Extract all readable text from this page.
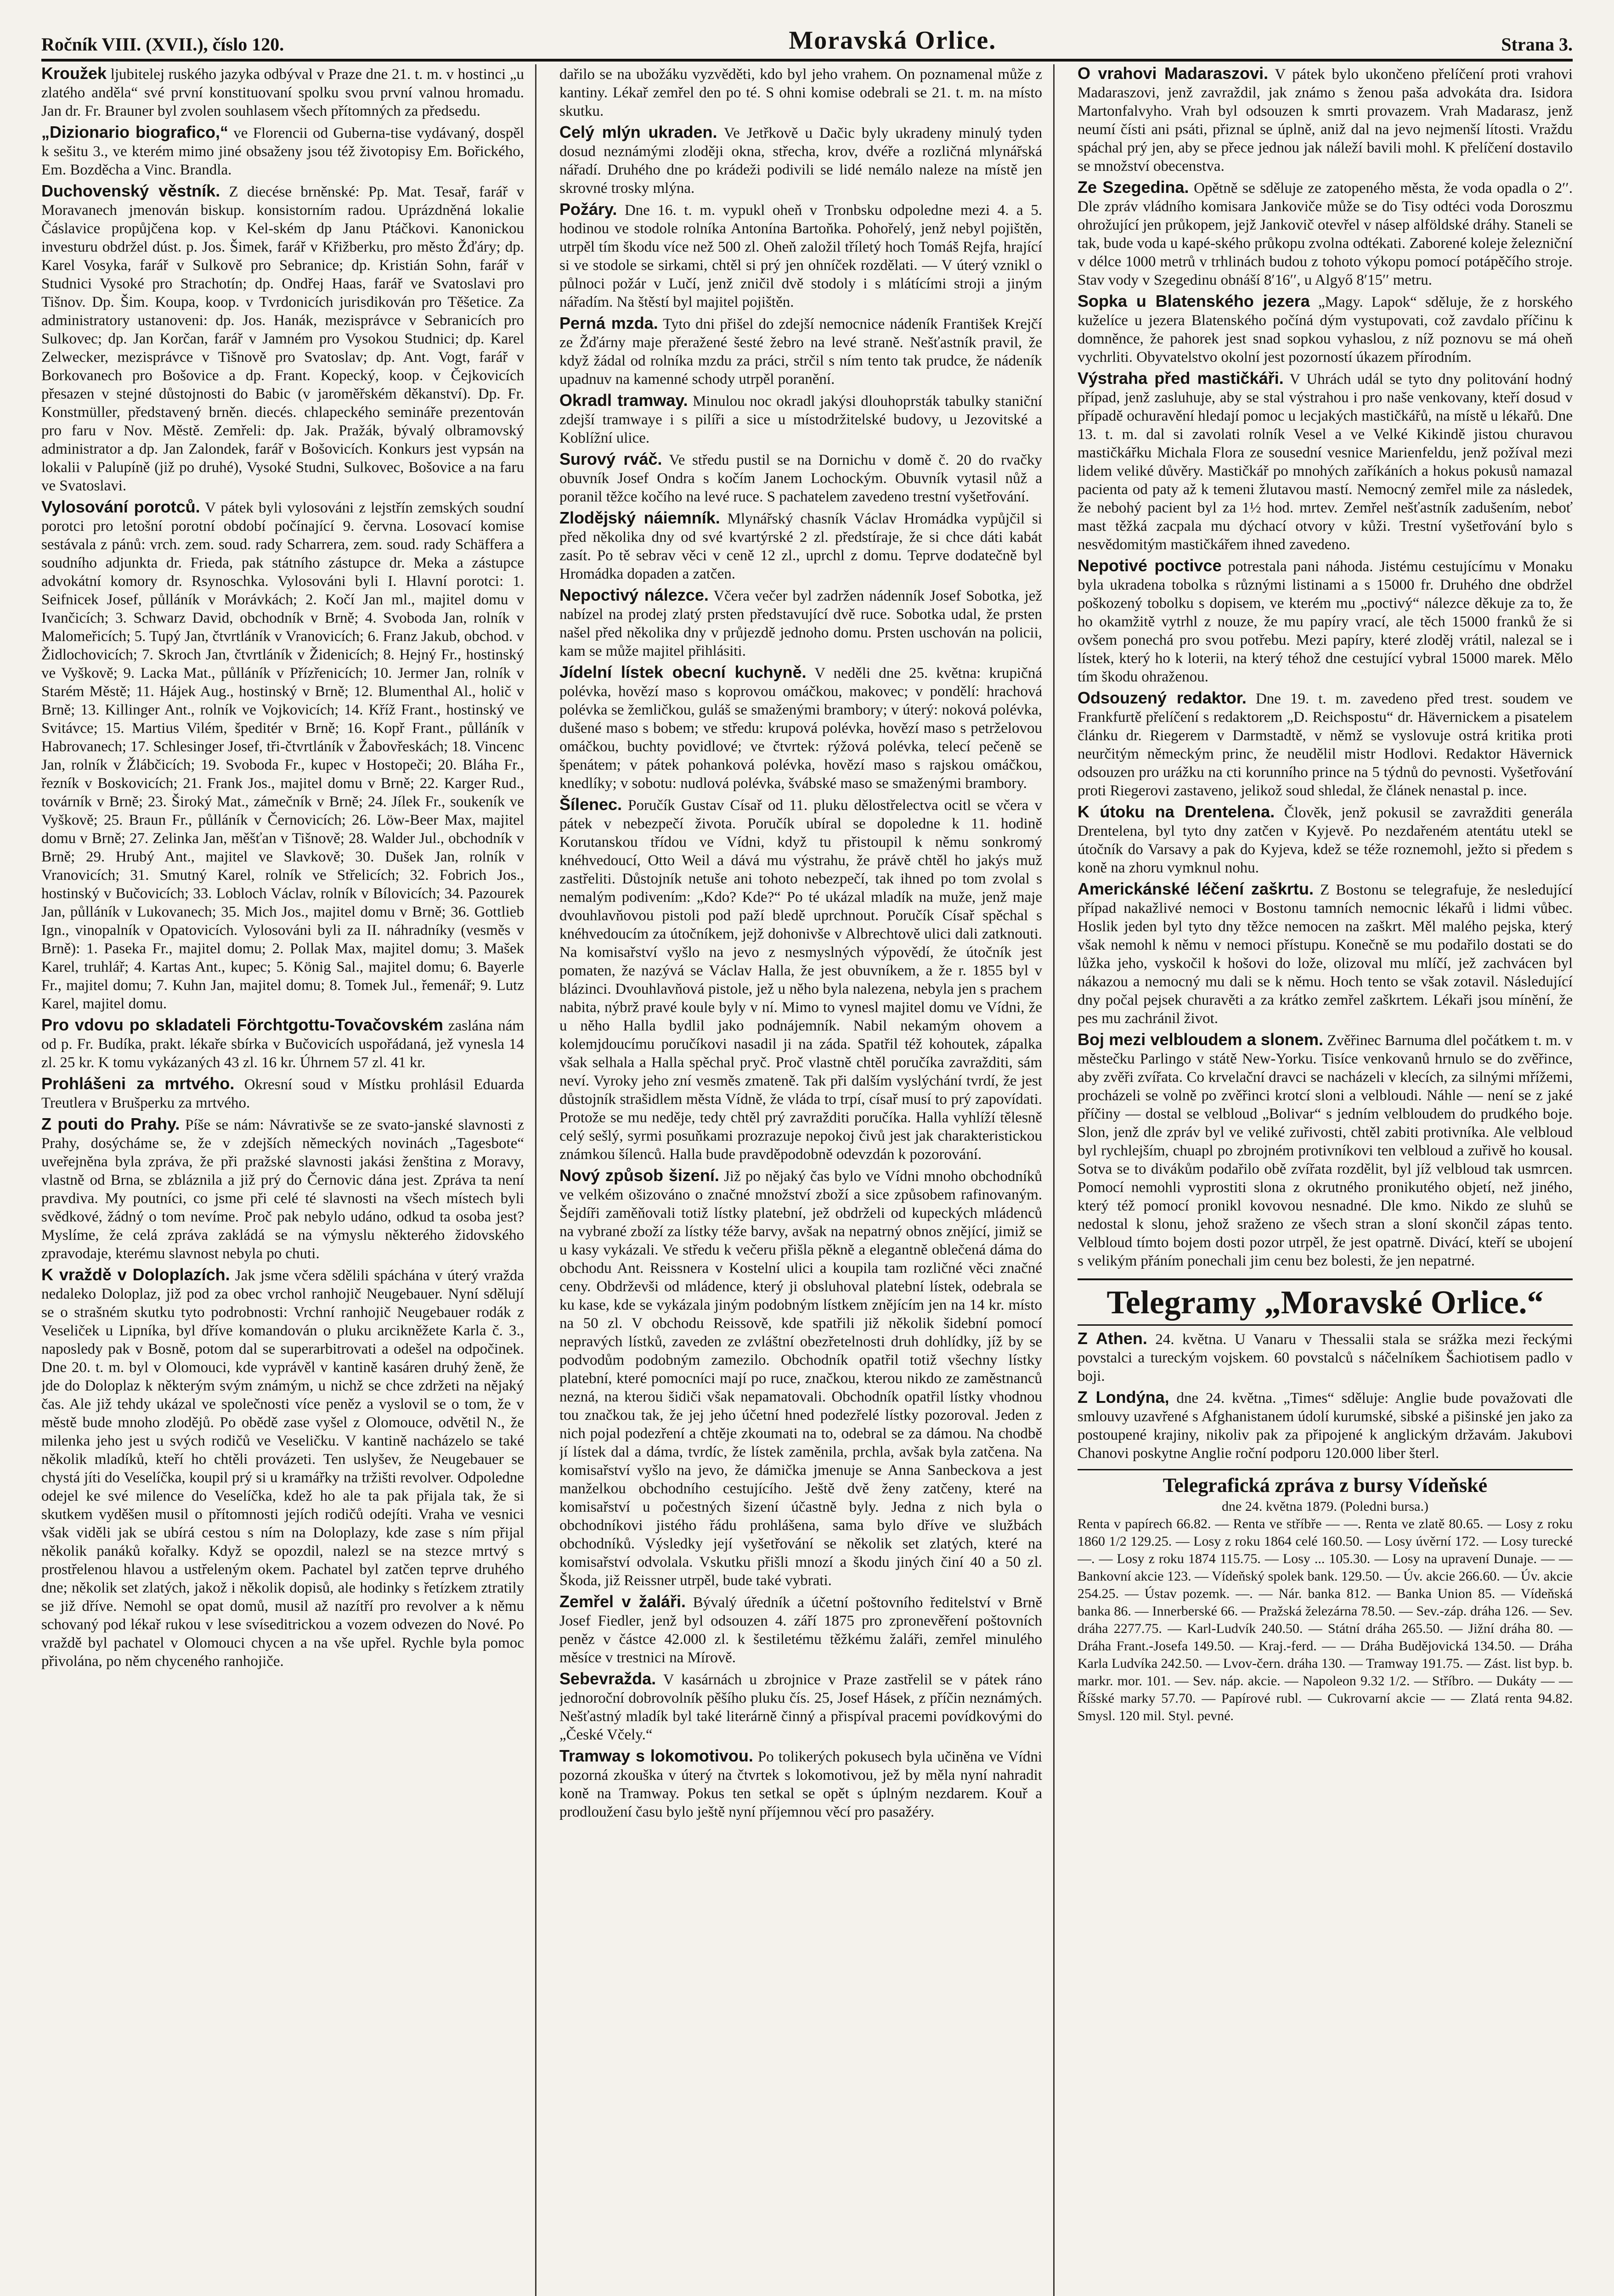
Ročník VIII. (XVII.), číslo 120.	Moravská Orlice.	Strana 3.

Kroužek ljubitelej ruského jazyka odbýval v Praze dne 21. t. m. v hostinci „u zlatého anděla“ své první konstituovaní spolku svou první valnou hromadu. Jan dr. Fr. Brauner byl zvolen souhlasem všech přítomných za předsedu.

„Dizionario biografico,“ ve Florencii od Guberna-tise vydávaný, dospěl k sešitu 3., ve kterém mimo jiné obsaženy jsou též životopisy Em. Bořického, Em. Bozděcha a Vinc. Brandla.

Duchovenský věstník. Z diecése brněnské: Pp. Mat. Tesař, farář v Moravanech jmenován biskup. konsistorním radou. Uprázdněná lokalie Čáslavice propůjčena kop. v Kel-ském dp Janu Ptáčkovi. Kanonickou investuru obdržel dúst. p. Jos. Šimek, farář v Křižberku, pro město Žďáry; dp. Karel Vosyka, farář v Sulkově pro Sebranice; dp. Kristián Sohn, farář v Studnici Vysoké pro Strachotín; dp. Ondřej Haas, farář ve Svatoslavi pro Tišnov. Dp. Šim. Koupa, koop. v Tvrdonicích jurisdikován pro Těšetice. Za administratory ustanoveni: dp. Jos. Hanák, mezisprávce v Sebranicích pro Sulkovec; dp. Jan Korčan, farář v Jamném pro Vysokou Studnici; dp. Karel Zelwecker, mezisprávce v Tišnově pro Svatoslav; dp. Ant. Vogt, farář v Borkovanech pro Bošovice a dp. Frant. Kopecký, koop. v Čejkovicích přesazen v stejné důstojnosti do Babic (v jaroměřském děkanství). Dp. Fr. Konstmüller, představený brněn. diecés. chlapeckého semináře prezentován pro faru v Nov. Městě. Zemřeli: dp. Jak. Pražák, bývalý olbramovský administrator a dp. Jan Zalondek, farář v Bošovicích. Konkurs jest vypsán na lokalii v Palupíně (již po druhé), Vysoké Studni, Sulkovec, Bošovice a na faru ve Svatoslavi.

Vylosování porotců. V pátek byli vylosováni z lejstřín zemských soudní porotci pro letošní porotní období počínající 9. června. Losovací komise sestávala z pánů: vrch. zem. soud. rady Scharrera, zem. soud. rady Schäffera a soudního adjunkta dr. Frieda, pak státního zástupce dr. Meka a zástupce advokátní komory dr. Rsynoschka. Vylosováni byli I. Hlavní porotci: 1. Seifnicek Josef, půlláník v Morávkách; 2. Kočí Jan ml., majitel domu v Ivančicích; 3. Schwarz David, obchodník v Brně; 4. Svoboda Jan, rolník v Malomeřicích; 5. Tupý Jan, čtvrtláník v Vranovicích; 6. Franz Jakub, obchod. v Židlochovicích; 7. Skroch Jan, čtvrtláník v Židenicích; 8. Hejný Fr., hostinský ve Vyškově; 9. Lacka Mat., půlláník v Přízřenicích; 10. Jermer Jan, rolník v Starém Městě; 11. Hájek Aug., hostinský v Brně; 12. Blumenthal Al., holič v Brně; 13. Killinger Ant., rolník ve Vojkovicích; 14. Kříž Frant., hostinský ve Svitávce; 15. Martius Vilém, špeditér v Brně; 16. Kopř Frant., půlláník v Habrovanech; 17. Schlesinger Josef, tři-čtvrtláník v Žabovřeskách; 18. Vincenc Jan, rolník v Žlábčicích; 19. Svoboda Fr., kupec v Hostopeči; 20. Bláha Fr., řezník v Boskovicích; 21. Frank Jos., majitel domu v Brně; 22. Karger Rud., továrník v Brně; 23. Široký Mat., zámečník v Brně; 24. Jílek Fr., soukeník ve Vyškově; 25. Braun Fr., půlláník v Černovicích; 26. Löw-Beer Max, majitel domu v Brně; 27. Zelinka Jan, měšťan v Tišnově; 28. Walder Jul., obchodník v Brně; 29. Hrubý Ant., majitel ve Slavkově; 30. Dušek Jan, rolník v Vranovicích; 31. Smutný Karel, rolník ve Střelicích; 32. Fobrich Jos., hostinský v Bučovicích; 33. Lobloch Václav, rolník v Bílovicích; 34. Pazourek Jan, půlláník v Lukovanech; 35. Mich Jos., majitel domu v Brně; 36. Gottlieb Ign., vinopalník v Opatovicích. Vylosováni byli za II. náhradníky (vesměs v Brně): 1. Paseka Fr., majitel domu; 2. Pollak Max, majitel domu; 3. Mašek Karel, truhlář; 4. Kartas Ant., kupec; 5. König Sal., majitel domu; 6. Bayerle Fr., majitel domu; 7. Kuhn Jan, majitel domu; 8. Tomek Jul., řemenář; 9. Lutz Karel, majitel domu.

Pro vdovu po skladateli Förchtgottu-Tovačovském zaslána nám od p. Fr. Budíka, prakt. lékaře sbírka v Bučovicích uspořádaná, jež vynesla 14 zl. 25 kr. K tomu vykázaných 43 zl. 16 kr. Úhrnem 57 zl. 41 kr.

Prohlášeni za mrtvého. Okresní soud v Místku prohlásil Eduarda Treutlera v Brušperku za mrtvého.

Z pouti do Prahy. Píše se nám: Návrativše se ze svato-janské slavnosti z Prahy, dosýcháme se, že v zdejších německých novinách „Tagesbote“ uveřejněna byla zpráva, že při pražské slavnosti jakási ženština z Moravy, vlastně od Brna, se zbláznila a již prý do Černovic dána jest. Zpráva ta není pravdiva. My poutníci, co jsme při celé té slavnosti na všech místech byli svědkové, žádný o tom nevíme. Proč pak nebylo udáno, odkud ta osoba jest? Myslíme, že celá zpráva zakládá se na výmyslu některého židovského zpravodaje, kterému slavnost nebyla po chuti.

K vraždě v Doloplazích. Jak jsme včera sdělili spáchána v úterý vražda nedaleko Doloplaz, již pod za obec vrchol ranhojič Neugebauer. Nyní sdělují se o strašném skutku tyto podrobnosti: Vrchní ranhojič Neugebauer rodák z Veseliček u Lipníka, byl dříve komandován o pluku arcikněžete Karla č. 3., naposledy pak v Bosně, potom dal se superarbitrovati a odešel na odpočinek. Dne 20. t. m. byl v Olomouci, kde vyprávěl v kantině kasáren druhý ženě, že jde do Doloplaz k některým svým známým, u nichž se chce zdržeti na nějaký čas. Ale již tehdy ukázal ve společnosti více peněz a vyslovil se o tom, že v městě bude mnoho zlodějů. Po obědě zase vyšel z Olomouce, odvětil N., že milenka jeho jest u svých rodičů ve Veseličku. V kantině nacházelo se také několik mladíků, kteří ho chtěli provázeti. Ten uslyšev, že Neugebauer se chystá jíti do Veselíčka, koupil prý si u kramářky na tržišti revolver. Odpoledne odejel ke své milence do Veselíčka, kdež ho ale ta pak přijala tak, že si skutkem vyděšen musil o přítomnosti jejích rodičů odejíti. Vraha ve vesnici však viděli jak se ubírá cestou s ním na Doloplazy, kde zase s ním přijal několik panáků kořalky. Když se opozdil, nalezl se na stezce mrtvý s prostřelenou hlavou a ustřeleným okem. Pachatel byl zatčen teprve druhého dne; několik set zlatých, jakož i několik dopisů, ale hodinky s řetízkem ztratily se již dříve. Nemohl se opat domů, musil až nazítří pro revolver a k němu schovaný pod lékař rukou v lese svíseditrickou a vozem odvezen do Nové. Po vraždě byl pachatel v Olomouci chycen a na vše upřel. Rychle byla pomoc přivolána, po něm chyceného ranhojiče.

dařilo se na ubožáku vyzvěděti, kdo byl jeho vrahem. On poznamenal může z kantiny. Lékař zemřel den po té. S ohni komise odebrali se 21. t. m. na místo skutku.

Celý mlýn ukraden. Ve Jetřkově u Dačic byly ukradeny minulý tyden dosud neznámými zloději okna, střecha, krov, dvéře a rozličná mlynářská nářadí. Druhého dne po krádeži podivili se lidé nemálo naleze na místě jen skrovné trosky mlýna.

Požáry. Dne 16. t. m. vypukl oheň v Tronbsku odpoledne mezi 4. a 5. hodinou ve stodole rolníka Antonína Bartoňka. Pohořelý, jenž nebyl pojištěn, utrpěl tím škodu více než 500 zl. Oheň založil tříletý hoch Tomáš Rejfa, hrající si ve stodole se sirkami, chtěl si prý jen ohníček rozdělati. — V úterý vznikl o půlnoci požár v Lučí, jenž zničil dvě stodoly i s mlátícími stroji a jiným nářadím. Na štěstí byl majitel pojištěn.

Perná mzda. Tyto dni přišel do zdejší nemocnice nádeník František Krejčí ze Žďárny maje přeražené šesté žebro na levé straně. Nešťastník pravil, že když žádal od rolníka mzdu za práci, strčil s ním tento tak prudce, že nádeník upadnuv na kamenné schody utrpěl poranění.

Okradl tramway. Minulou noc okradl jakýsi dlouhoprsták tabulky staniční zdejší tramwaye i s pilíři a sice u místodržitelské budovy, u Jezovitské a Koblížní ulice.

Surový rváč. Ve středu pustil se na Dornichu v domě č. 20 do rvačky obuvník Josef Ondra s kočím Janem Lochockým. Obuvník vytasil nůž a poranil těžce kočího na levé ruce. S pachatelem zavedeno trestní vyšetřování.

Zlodějský náiemník. Mlynářský chasník Václav Hromádka vypůjčil si před několika dny od své kvartýrské 2 zl. předstíraje, že si chce dáti kabát zasít. Po tě sebrav věci v ceně 12 zl., uprchl z domu. Teprve dodatečně byl Hromádka dopaden a zatčen.

Nepoctivý nálezce. Včera večer byl zadržen nádenník Josef Sobotka, jež nabízel na prodej zlatý prsten představující dvě ruce. Sobotka udal, že prsten našel před několika dny v průjezdě jednoho domu. Prsten uschován na policii, kam se může majitel přihlásiti.

Jídelní lístek obecní kuchyně. V neděli dne 25. května: krupičná polévka, hovězí maso s koprovou omáčkou, makovec; v pondělí: hrachová polévka se žemličkou, guláš se smaženými brambory; v úterý: noková polévka, dušené maso s bobem; ve středu: krupová polévka, hovězí maso s petrželovou omáčkou, buchty povidlové; ve čtvrtek: rýžová polévka, telecí pečeně se špenátem; v pátek pohanková polévka, hovězí maso s rajskou omáčkou, knedlíky; v sobotu: nudlová polévka, švábské maso se smaženými brambory.

Šílenec. Poručík Gustav Císař od 11. pluku dělostřelectva ocitl se včera v pátek v nebezpečí života. Poručík ubíral se dopoledne k 11. hodině Korutanskou třídou ve Vídni, když tu přistoupil k němu sonkromý knéhvedoucí, Otto Weil a dává mu výstrahu, že právě chtěl ho jakýs muž zastřeliti. Důstojník netuše ani tohoto nebezpečí, tak ihned po tom zvolal s nemalým podivením: „Kdo? Kde?“ Po té ukázal mladík na muže, jenž maje dvouhlavňovou pistoli pod paží bledě uprchnout. Poručík Císař spěchal s knéhvedoucím za útočníkem, jejž dohonivše v Albrechtově ulici dali zatknouti. Na komisařství vyšlo na jevo z nesmyslných výpovědí, že útočník jest pomaten, že nazývá se Václav Halla, že jest obuvníkem, a že r. 1855 byl v blázinci. Dvouhlavňová pistole, jež u něho byla nalezena, nebyla jen s prachem nabita, nýbrž pravé koule byly v ní. Mimo to vynesl majitel domu ve Vídni, že u něho Halla bydlil jako podnájemník. Nabil nekamým ohovem a kolemjdoucímu poručíkovi nasadil ji na záda. Spatřil též kohoutek, zápalka však selhala a Halla spěchal pryč. Proč vlastně chtěl poručíka zavražditi, sám neví. Vyroky jeho zní vesměs zmateně. Tak při dalším vyslýchání tvrdí, že jest důstojník strašidlem města Vídně, že vláda to trpí, císař musí to prý zapovídati. Protože se mu neděje, tedy chtěl prý zavražditi poručíka. Halla vyhlíží tělesně celý sešlý, syrmi posuňkami prozrazuje nepokoj čivů jest jak charakteristickou známkou šílenců. Halla bude pravděpodobně odevzdán k pozorování.

Nový způsob šizení. Již po nějaký čas bylo ve Vídni mnoho obchodníků ve velkém ošizováno o značné množství zboží a sice způsobem rafinovaným. Šejdíři zaměňovali totiž lístky platební, jež obdrželi od kupeckých mládenců na vybrané zboží za lístky téže barvy, avšak na nepatrný obnos znějící, jimiž se u kasy vykázali. Ve středu k večeru přišla pěkně a elegantně oblečená dáma do obchodu Ant. Reissnera v Kostelní ulici a koupila tam rozličné věci značné ceny. Obdrževši od mládence, který ji obsluhoval platební lístek, odebrala se ku kase, kde se vykázala jiným podobným lístkem znějícím jen na 14 kr. místo na 50 zl. V obchodu Reissově, kde spatřili již několik šidební pomocí nepravých lístků, zaveden ze zvláštní obezřetelnosti druh dohlídky, jíž by se podvodům podobným zamezilo. Obchodník opatřil totiž všechny lístky platební, které pomocníci mají po ruce, značkou, kterou nikdo ze zaměstnanců nezná, na kterou šidiči však nepamatovali. Obchodník opatřil lístky vhodnou tou značkou tak, že jej jeho účetní hned podezřelé lístky pozoroval. Jeden z nich pojal podezření a chtěje zkoumati na to, odebral se za dámou. Na chodbě jí lístek dal a dáma, tvrdíc, že lístek zaměnila, prchla, avšak byla zatčena. Na komisařství vyšlo na jevo, že dámička jmenuje se Anna Sanbeckova a jest manželkou obchodního cestujícího. Ještě dvě ženy zatčeny, které na komisařství u počestných šizení účastně byly. Jedna z nich byla o obchodníkovi jistého řádu prohlášena, sama bylo dříve ve službách obchodníků. Výsledky její vyšetřování se několik set zlatých, které na komisařství odvolala. Vskutku přišli mnozí a škodu jiných činí 40 a 50 zl. Škoda, již Reissner utrpěl, bude také vybrati.

Zemřel v žaláři. Bývalý úředník a účetní poštovního ředitelství v Brně Josef Fiedler, jenž byl odsouzen 4. září 1875 pro zpronevěření poštovních peněz v částce 42.000 zl. k šestiletému těžkému žaláři, zemřel minulého měsíce v trestnici na Mírově.

Sebevražda. V kasárnách u zbrojnice v Praze zastřelil se v pátek ráno jednoroční dobrovolník pěšího pluku čís. 25, Josef Hásek, z příčin neznámých. Nešťastný mladík byl také literárně činný a přispíval pracemi povídkovými do „České Včely.“

Tramway s lokomotivou. Po tolikerých pokusech byla učiněna ve Vídni pozorná zkouška v úterý na čtvrtek s lokomotivou, jež by měla nyní nahradit koně na Tramway. Pokus ten setkal se opět s úplným nezdarem. Kouř a prodloužení času bylo ještě nyní příjemnou věcí pro pasažéry.

O vrahovi Madaraszovi. V pátek bylo ukončeno přelíčení proti vrahovi Madaraszovi, jenž zavraždil, jak známo s ženou paša advokáta dra. Isidora Martonfalvyho. Vrah byl odsouzen k smrti provazem. Vrah Madarasz, jenž neumí čísti ani psáti, přiznal se úplně, aniž dal na jevo nejmenší lítosti. Vraždu spáchal prý jen, aby se přece jednou jak náleží bavili mohl. K přelíčení dostavilo se množství obecenstva.

Ze Szegedina. Opětně se sděluje ze zatopeného města, že voda opadla o 2′′. Dle zpráv vládního komisara Jankoviče může se do Tisy odtéci voda Doroszmu ohrožující jen průkopem, jejž Jankovič otevřel v násep alföldské dráhy. Staneli se tak, bude voda u kapé-ského průkopu zvolna odtékati. Zaborené koleje železniční v délce 1000 metrů v trhlinách budou z tohoto výkopu pomocí potápěčího stroje. Stav vody v Szegedinu obnáší 8′16′′, u Algyő 8′15′′ metru.

Sopka u Blatenského jezera „Magy. Lapok“ sděluje, že z horského kuželíce u jezera Blatenského počíná dým vystupovati, což zavdalo příčinu k domněnce, že pahorek jest snad sopkou vyhaslou, z níž poznovu se má oheň vychrliti. Obyvatelstvo okolní jest pozorností úkazem přírodním.

Výstraha před mastičkáři. V Uhrách udál se tyto dny politování hodný případ, jenž zasluhuje, aby se stal výstrahou i pro naše venkovany, kteří dosud v případě ochuravění hledají pomoc u lecjakých mastičkářů, na místě u lékařů. Dne 13. t. m. dal si zavolati rolník Vesel a ve Velké Kikindě jistou churavou mastičkářku Michala Flora ze sousední vesnice Marienfeldu, jenž požíval mezi lidem veliké důvěry. Mastičkář po mnohých zaříkáních a hokus pokusů namazal pacienta od paty až k temeni žlutavou mastí. Nemocný zemřel mile za následek, že nebohý pacient byl za 1½ hod. mrtev. Zemřel nešťastník zadušením, neboť mast těžká zacpala mu dýchací otvory v kůži. Trestní vyšetřování bylo s nesvědomitým mastičkářem ihned zavedeno.

Nepotivé poctivce potrestala pani náhoda. Jistému cestujícímu v Monaku byla ukradena tobolka s různými listinami a s 15000 fr. Druhého dne obdržel poškozený tobolku s dopisem, ve kterém mu „poctivý“ nálezce děkuje za to, že ho okamžitě vytrhl z nouze, že mu papíry vrací, ale těch 15000 franků že si ovšem ponechá pro svou potřebu. Mezi papíry, které zloděj vrátil, nalezal se i lístek, který ho k loterii, na který téhož dne cestující vybral 15000 marek. Mělo tím škodu ohraženou.

Odsouzený redaktor. Dne 19. t. m. zavedeno před trest. soudem ve Frankfurtě přelíčení s redaktorem „D. Reichspostu“ dr. Hävernickem a pisatelem článku dr. Riegerem v Darmstadtě, v němž se vyslovuje ostrá kritika proti neurčitým německým princ, že neudělil mistr Hodlovi. Redaktor Hävernick odsouzen pro urážku na cti korunního prince na 5 týdnů do pevnosti. Vyšetřování proti Riegerovi zastaveno, jelikož soud shledal, že článek nenastal p. ince.

K útoku na Drentelena. Člověk, jenž pokusil se zavražditi generála Drentelena, byl tyto dny zatčen v Kyjevě. Po nezdařeném atentátu utekl se útočník do Varsavy a pak do Kyjeva, kdež se téže roznemohl, ježto si předem s koně na zhoru vymknul nohu.

Americkánské léčení zaškrtu. Z Bostonu se telegrafuje, že nesledující případ nakažlivé nemoci v Bostonu tamních nemocnic lékařů i lidmi vůbec. Hoslik jeden byl tyto dny těžce nemocen na zaškrt. Měl malého pejska, který však nemohl k němu v nemoci přístupu. Konečně se mu podařilo dostati se do lůžka jeho, vyskočil k hošovi do lože, olizoval mu mlíčí, jež zachvácen byl nákazou a nemocný mu dali se k němu. Hoch tento se však zotavil. Následující dny počal pejsek churavěti a za krátko zemřel zaškrtem. Lékaři jsou mínění, že pes mu zachránil život.

Boj mezi velbloudem a slonem. Zvěřinec Barnuma dlel počátkem t. m. v městečku Parlingo v státě New-Yorku. Tisíce venkovanů hrnulo se do zvěřince, aby zvěři zvířata. Co krvelační dravci se nacházeli v klecích, za silnými mřížemi, procházeli se volně po zvěřinci krotcí sloni a velbloudi. Náhle — není se z jaké příčiny — dostal se velbloud „Bolivar“ s jedním velbloudem do prudkého boje. Slon, jenž dle zpráv byl ve veliké zuřivosti, chtěl zabiti protivníka. Ale velbloud byl rychlejším, chuapl po zbrojném protivníkovi ten velbloud a zuřivě ho kousal. Sotva se to divákům podařilo obě zvířata rozdělit, byl jíž velbloud tak usmrcen. Pomocí nemohli vyprostiti slona z okrutného pronikutého objetí, než jiného, který též pomocí pronikl kovovou nesnadné. Dle kmo. Nikdo ze sluhů se nedostal k slonu, jehož sraženo ze všech stran a sloní skončil zápas tento. Velbloud tímto bojem dosti pozor utrpěl, že jest opatrně. Divácí, kteří se ubojení s velikým přáním ponechali jim cenu bez bolesti, že jen nepatrné.

Telegramy „Moravské Orlice.“

Z Athen. 24. května. U Vanaru v Thessalii stala se srážka mezi řeckými povstalci a tureckým vojskem. 60 povstalců s náčelníkem Šachiotisem padlo v boji.

Z Londýna, dne 24. května. „Times“ sděluje: Anglie bude považovati dle smlouvy uzavřené s Afghanistanem údolí kurumské, sibské a pišinské jen jako za postoupené krajiny, nikoliv pak za připojené k anglickým državám. Jakubovi Chanovi poskytne Anglie roční podporu 120.000 liber šterl.

Telegrafická zpráva z bursy Vídeňské
dne 24. května 1879. (Poledni bursa.)
Renta v papírech 66.82. — Renta ve stříbře — —. Renta ve zlatě 80.65. — Losy z roku 1860 1/2 129.25. — Losy z roku 1864 celé 160.50. — Losy úvěrní 172. — Losy turecké —. — Losy z roku 1874 115.75. — Losy ... 105.30. — Losy na upravení Dunaje. — — Bankovní akcie 123. — Vídeňský spolek bank. 129.50. — Úv. akcie 266.60. — Úv. akcie 254.25. — Ústav pozemk. —. — Nár. banka 812. — Banka Union 85. — Vídeňská banka 86. — Innerberské 66. — Pražská železárna 78.50. — Sev.-záp. dráha 126. — Sev. dráha 2277.75. — Karl-Ludvík 240.50. — Státní dráha 265.50. — Jižní dráha 80. — Dráha Frant.-Josefa 149.50. — Kraj.-ferd. — — Dráha Budějovická 134.50. — Dráha Karla Ludvíka 242.50. — Lvov-čern. dráha 130. — Tramway 191.75. — Zást. list byp. b. markr. mor. 101. — Sev. náp. akcie. — Napoleon 9.32 1/2. — Stříbro. — Dukáty — — Říšské marky 57.70. — Papírové rubl. — Cukrovarní akcie — — Zlatá renta 94.82. Smysl. 120 mil. Styl. pevné.
